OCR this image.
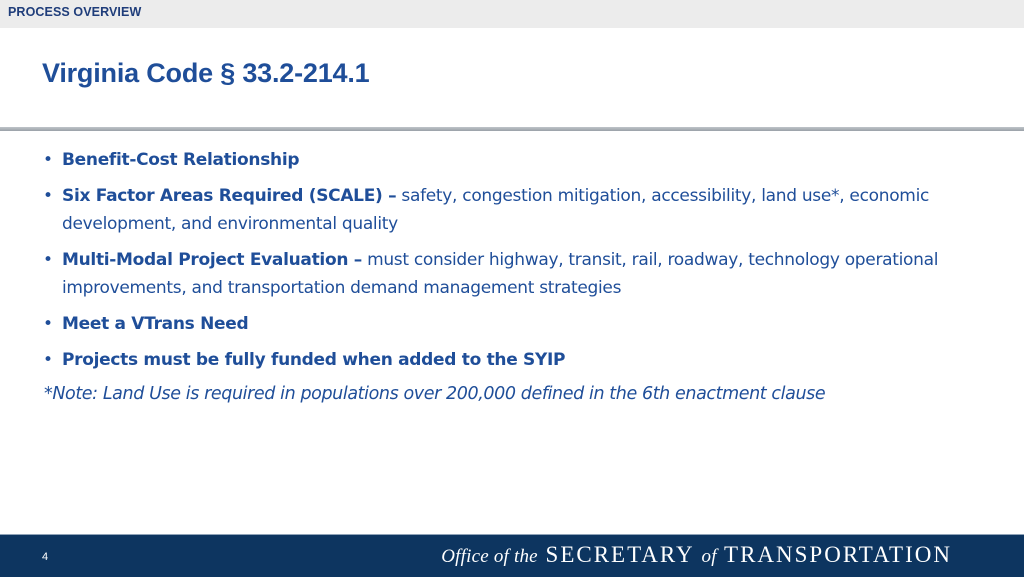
PROCESS OVERVIEW
Virginia Code § 33.2-214.1
• Benefit-Cost Relationship
• Six Factor Areas Required (SCALE) – safety, congestion mitigation, accessibility, land use*, economic development, and environmental quality
• Multi-Modal Project Evaluation – must consider highway, transit, rail, roadway, technology operational improvements, and transportation demand management strategies
• Meet a VTrans Need
• Projects must be fully funded when added to the SYIP

*Note: Land Use is required in populations over 200,000 defined in the 6th enactment clause

4	Office of the SECRETARY of TRANSPORTATION
